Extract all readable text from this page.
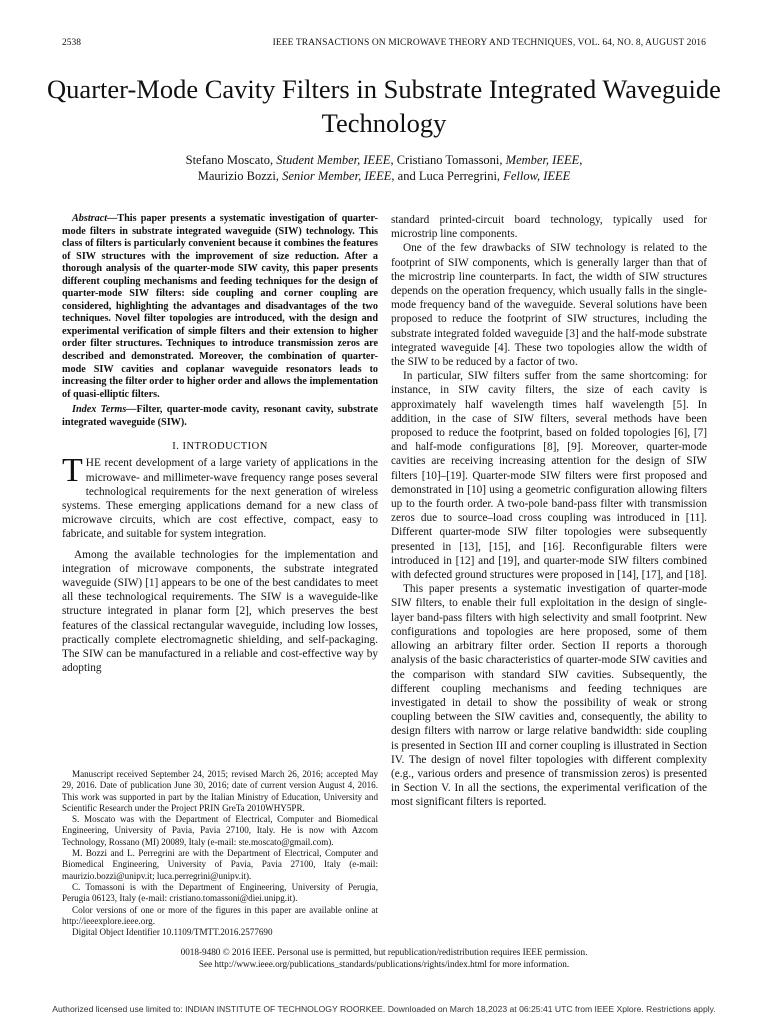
2538	IEEE TRANSACTIONS ON MICROWAVE THEORY AND TECHNIQUES, VOL. 64, NO. 8, AUGUST 2016
Quarter-Mode Cavity Filters in Substrate Integrated Waveguide Technology
Stefano Moscato, Student Member, IEEE, Cristiano Tomassoni, Member, IEEE,
Maurizio Bozzi, Senior Member, IEEE, and Luca Perregrini, Fellow, IEEE

Abstract—This paper presents a systematic investigation of quarter-mode filters in substrate integrated waveguide (SIW) technology. This class of filters is particularly convenient because it combines the features of SIW structures with the improvement of size reduction. After a thorough analysis of the quarter-mode SIW cavity, this paper presents different coupling mechanisms and feeding techniques for the design of quarter-mode SIW filters: side coupling and corner coupling are considered, highlighting the advantages and disadvantages of the two techniques. Novel filter topologies are introduced, with the design and experimental verification of simple filters and their extension to higher order filter structures. Techniques to introduce transmission zeros are described and demonstrated. Moreover, the combination of quarter-mode SIW cavities and coplanar waveguide resonators leads to increasing the filter order to higher order and allows the implementation of quasi-elliptic filters.

Index Terms—Filter, quarter-mode cavity, resonant cavity, substrate integrated waveguide (SIW).

I. INTRODUCTION

THE recent development of a large variety of applications in the microwave- and millimeter-wave frequency range poses several technological requirements for the next generation of wireless systems. These emerging applications demand for a new class of microwave circuits, which are cost effective, compact, easy to fabricate, and suitable for system integration.

Among the available technologies for the implementation and integration of microwave components, the substrate integrated waveguide (SIW) [1] appears to be one of the best candidates to meet all these technological requirements. The SIW is a waveguide-like structure integrated in planar form [2], which preserves the best features of the classical rectangular waveguide, including low losses, practically complete electromagnetic shielding, and self-packaging. The SIW can be manufactured in a reliable and cost-effective way by adopting

standard printed-circuit board technology, typically used for microstrip line components.

One of the few drawbacks of SIW technology is related to the footprint of SIW components, which is generally larger than that of the microstrip line counterparts. In fact, the width of SIW structures depends on the operation frequency, which usually falls in the single-mode frequency band of the waveguide. Several solutions have been proposed to reduce the footprint of SIW structures, including the substrate integrated folded waveguide [3] and the half-mode substrate integrated waveguide [4]. These two topologies allow the width of the SIW to be reduced by a factor of two.

In particular, SIW filters suffer from the same shortcoming: for instance, in SIW cavity filters, the size of each cavity is approximately half wavelength times half wavelength [5]. In addition, in the case of SIW filters, several methods have been proposed to reduce the footprint, based on folded topologies [6], [7] and half-mode configurations [8], [9]. Moreover, quarter-mode cavities are receiving increasing attention for the design of SIW filters [10]–[19]. Quarter-mode SIW filters were first proposed and demonstrated in [10] using a geometric configuration allowing filters up to the fourth order. A two-pole band-pass filter with transmission zeros due to source–load cross coupling was introduced in [11]. Different quarter-mode SIW filter topologies were subsequently presented in [13], [15], and [16]. Reconfigurable filters were introduced in [12] and [19], and quarter-mode SIW filters combined with defected ground structures were proposed in [14], [17], and [18].

This paper presents a systematic investigation of quarter-mode SIW filters, to enable their full exploitation in the design of single-layer band-pass filters with high selectivity and small footprint. New configurations and topologies are here proposed, some of them allowing an arbitrary filter order. Section II reports a thorough analysis of the basic characteristics of quarter-mode SIW cavities and the comparison with standard SIW cavities. Subsequently, the different coupling mechanisms and feeding techniques are investigated in detail to show the possibility of weak or strong coupling between the SIW cavities and, consequently, the ability to design filters with narrow or large relative bandwidth: side coupling is presented in Section III and corner coupling is illustrated in Section IV. The design of novel filter topologies with different complexity (e.g., various orders and presence of transmission zeros) is presented in Section V. In all the sections, the experimental verification of the most significant filters is reported.

Manuscript received September 24, 2015; revised March 26, 2016; accepted May 29, 2016. Date of publication June 30, 2016; date of current version August 4, 2016. This work was supported in part by the Italian Ministry of Education, University and Scientific Research under the Project PRIN GreTa 2010WHY5PR.

S. Moscato was with the Department of Electrical, Computer and Biomedical Engineering, University of Pavia, Pavia 27100, Italy. He is now with Azcom Technology, Rossano (MI) 20089, Italy (e-mail: ste.moscato@gmail.com).

M. Bozzi and L. Perregrini are with the Department of Electrical, Computer and Biomedical Engineering, University of Pavia, Pavia 27100, Italy (e-mail: maurizio.bozzi@unipv.it; luca.perregrini@unipv.it).

C. Tomassoni is with the Department of Engineering, University of Perugia, Perugia 06123, Italy (e-mail: cristiano.tomassoni@diei.unipg.it).

Color versions of one or more of the figures in this paper are available online at http://ieeexplore.ieee.org.

Digital Object Identifier 10.1109/TMTT.2016.2577690

0018-9480 © 2016 IEEE. Personal use is permitted, but republication/redistribution requires IEEE permission.
See http://www.ieee.org/publications_standards/publications/rights/index.html for more information.
Authorized licensed use limited to: INDIAN INSTITUTE OF TECHNOLOGY ROORKEE. Downloaded on March 18,2023 at 06:25:41 UTC from IEEE Xplore. Restrictions apply.
